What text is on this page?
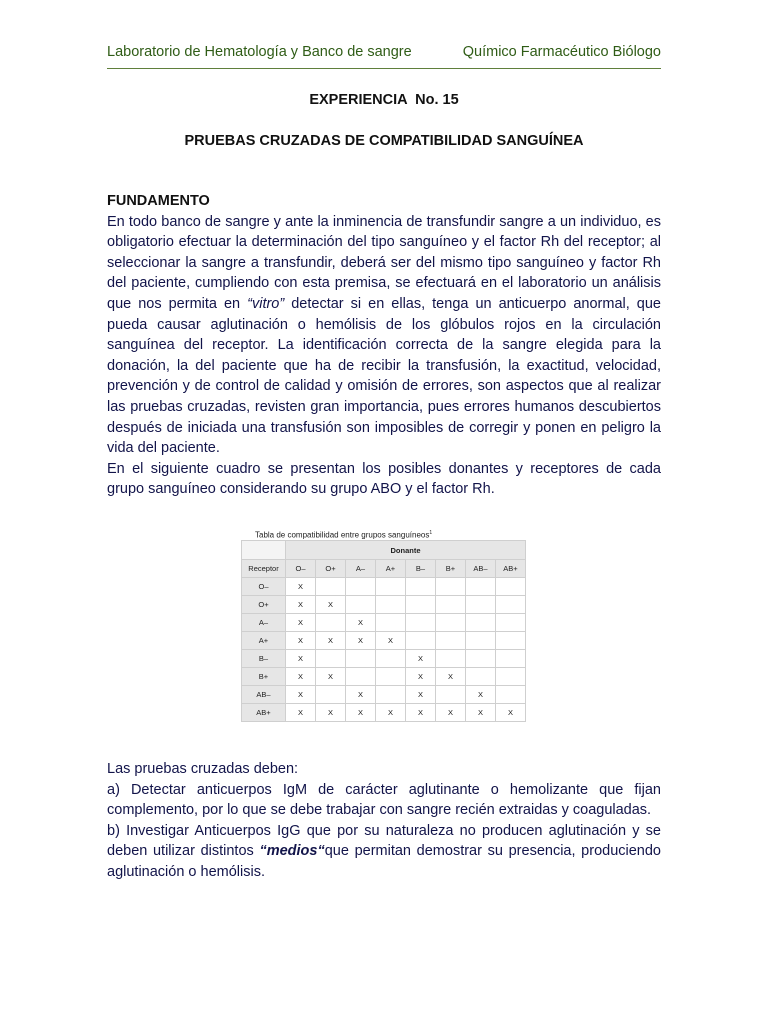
Laboratorio de Hematología y Banco de sangre	Químico Farmacéutico Biólogo
EXPERIENCIA  No. 15
PRUEBAS CRUZADAS DE COMPATIBILIDAD SANGUÍNEA
FUNDAMENTO
En todo banco de sangre y ante la inminencia de transfundir sangre a un individuo, es obligatorio efectuar la determinación del tipo sanguíneo y el factor Rh del receptor; al seleccionar la sangre a transfundir, deberá ser del mismo tipo sanguíneo y factor Rh del paciente, cumpliendo con esta premisa, se efectuará en el laboratorio un análisis que nos permita en “vitro” detectar si en ellas, tenga un anticuerpo anormal, que pueda causar aglutinación o hemólisis de los glóbulos rojos en la circulación sanguínea del receptor. La identificación correcta de la sangre elegida para la donación, la del paciente que ha de recibir la transfusión, la exactitud, velocidad, prevención y de control de calidad y omisión de errores, son aspectos que al realizar las pruebas cruzadas, revisten gran importancia, pues errores humanos descubiertos después de iniciada una transfusión son imposibles de corregir y ponen en peligro la vida del paciente.
En el siguiente cuadro se presentan los posibles donantes y receptores de cada grupo sanguíneo considerando su grupo ABO y el factor Rh.
Tabla de compatibilidad entre grupos sanguíneos$^1$
	Donante							
Receptor	O–	O+	A–	A+	B–	B+	AB–	AB+
O–	X							
O+	X	X						
A–	X		X					
A+	X	X	X	X				
B–	X				X			
B+	X	X			X	X		
AB–	X		X		X		X	
AB+	X	X	X	X	X	X	X	X
Las pruebas cruzadas deben:
a) Detectar anticuerpos IgM de carácter aglutinante o hemolizante que fijan complemento, por lo que se debe trabajar con sangre recién extraidas y coaguladas.
b) Investigar Anticuerpos IgG que por su naturaleza no producen aglutinación y se deben utilizar distintos “medios“que permitan demostrar su presencia, produciendo aglutinación o hemólisis.
